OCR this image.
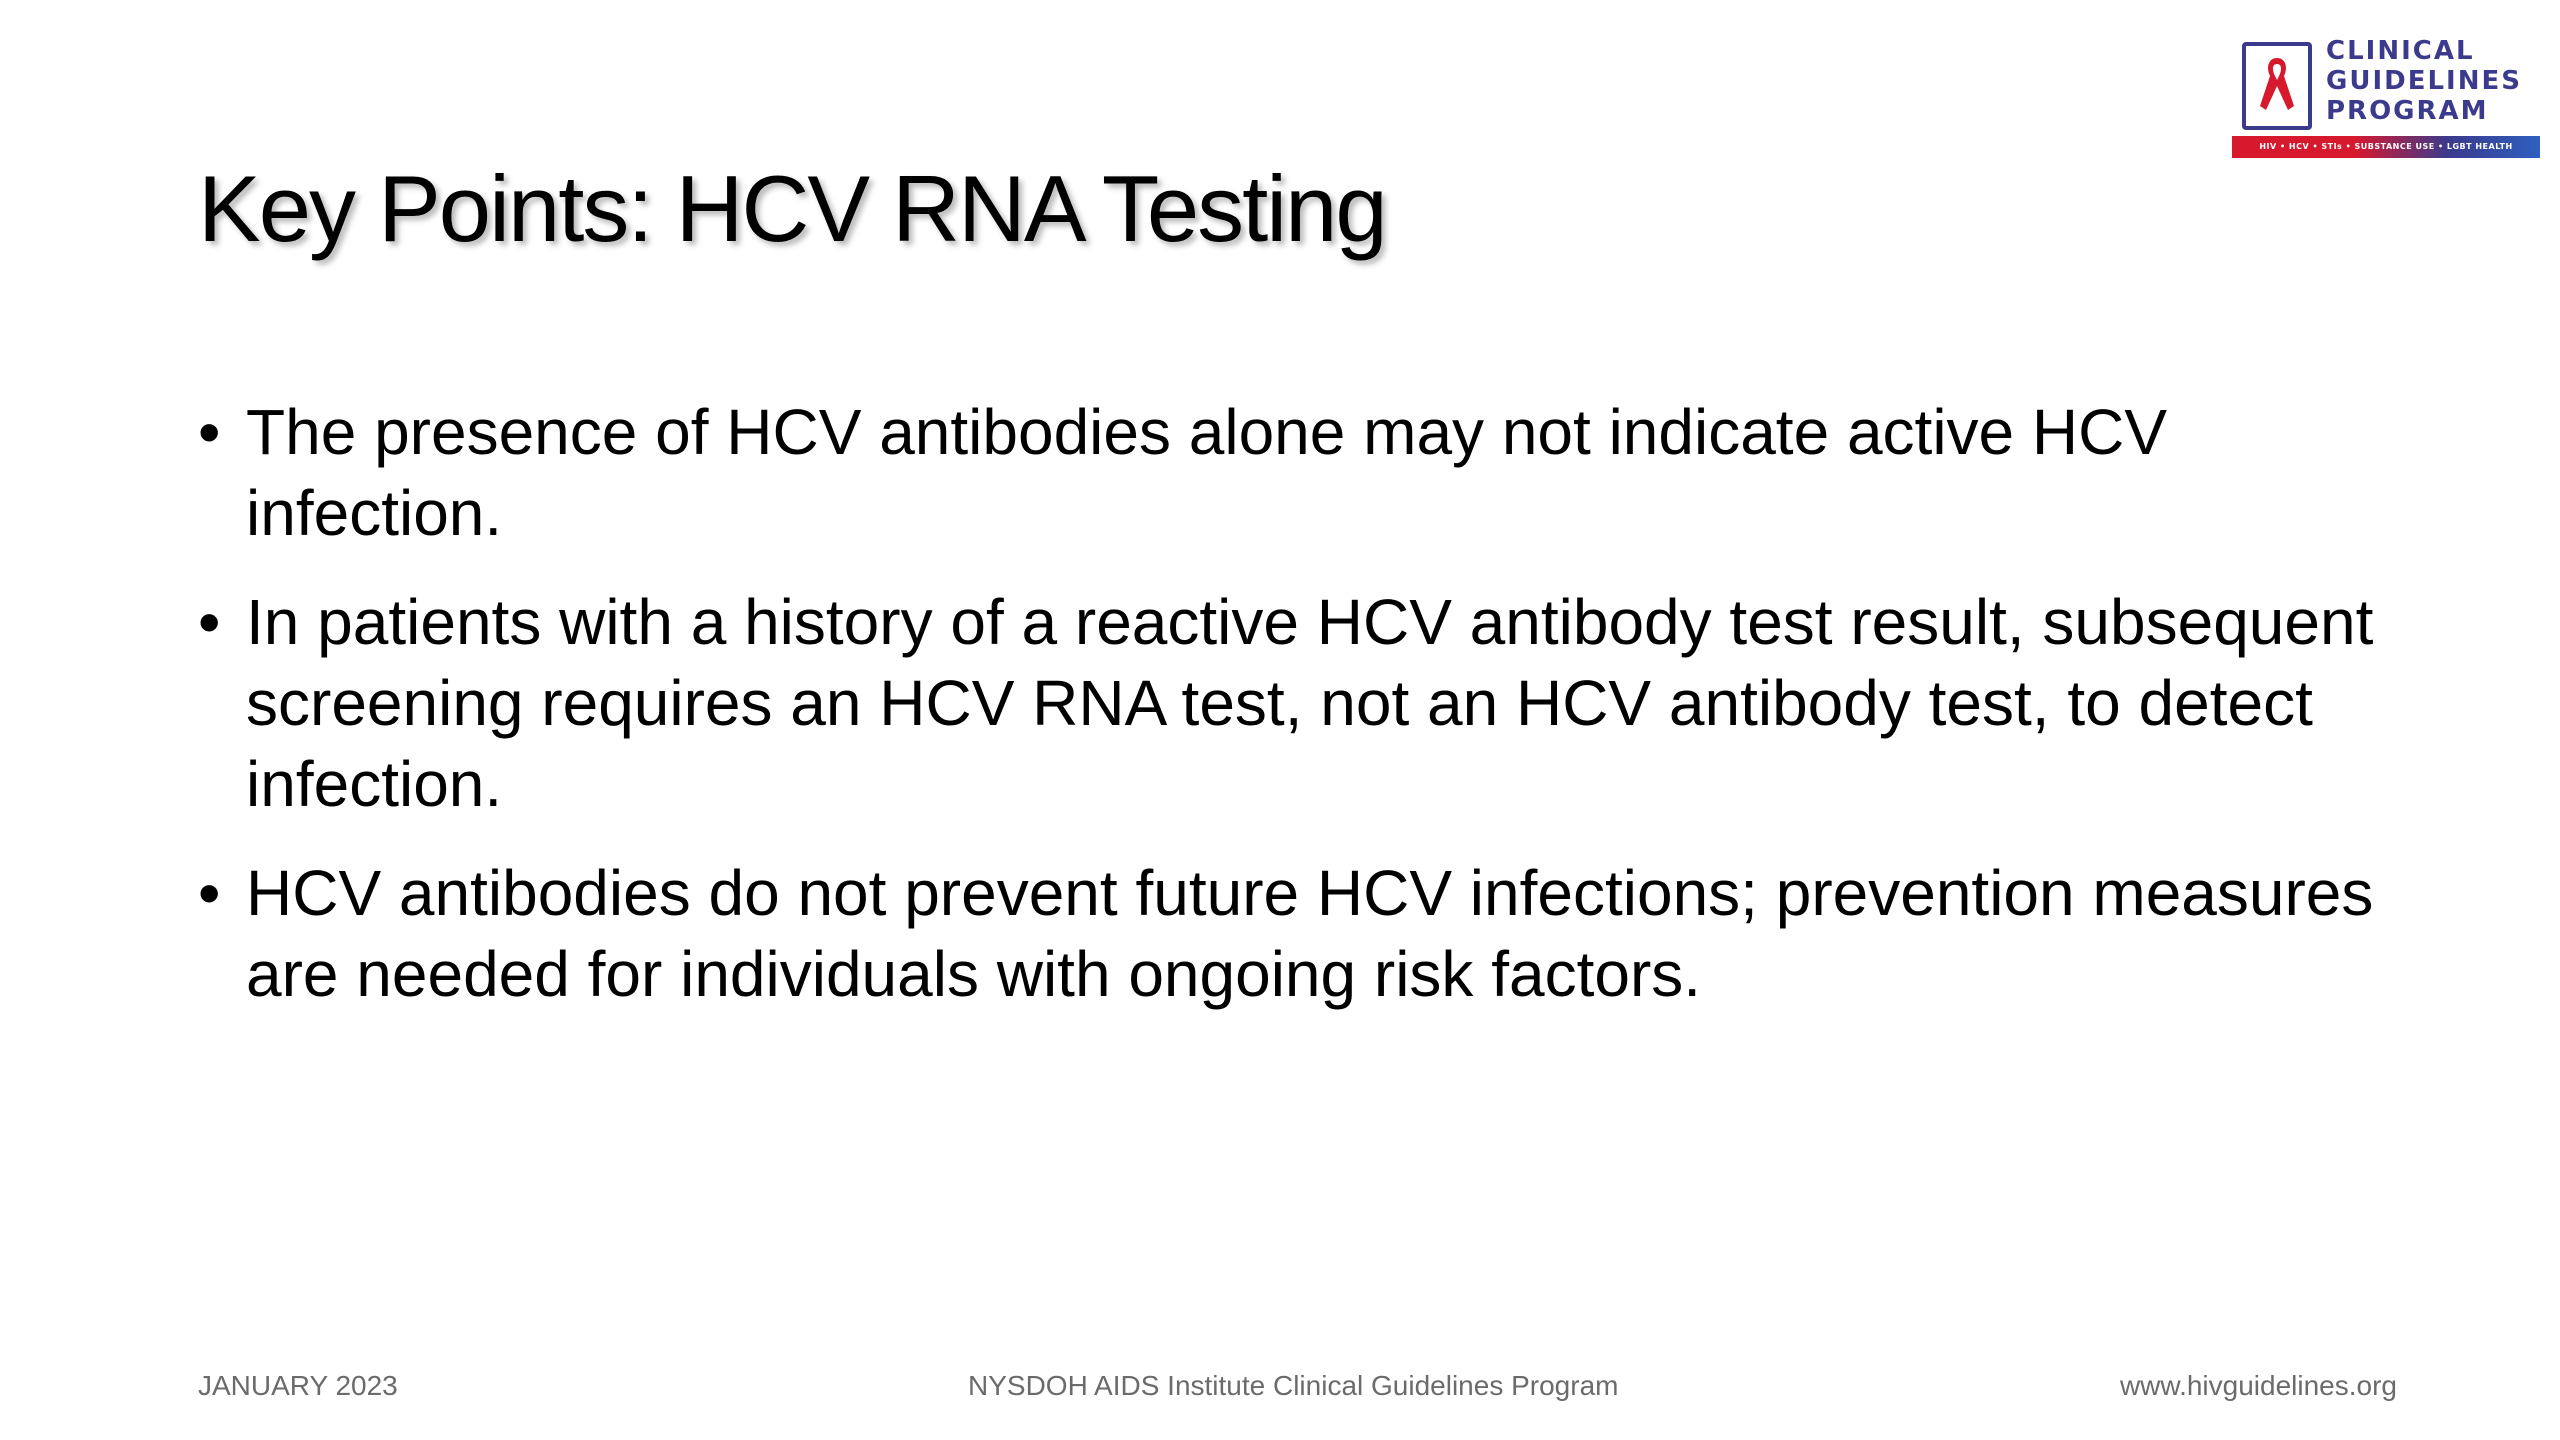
Key Points: HCV RNA Testing
CLINICAL
GUIDELINES
PROGRAM
HIV • HCV • STIs • SUBSTANCE USE • LGBT HEALTH
• The presence of HCV antibodies alone may not indicate active HCV infection.
• In patients with a history of a reactive HCV antibody test result, subsequent screening requires an HCV RNA test, not an HCV antibody test, to detect infection.
• HCV antibodies do not prevent future HCV infections; prevention measures are needed for individuals with ongoing risk factors.
JANUARY 2023	NYSDOH AIDS Institute Clinical Guidelines Program	www.hivguidelines.org
